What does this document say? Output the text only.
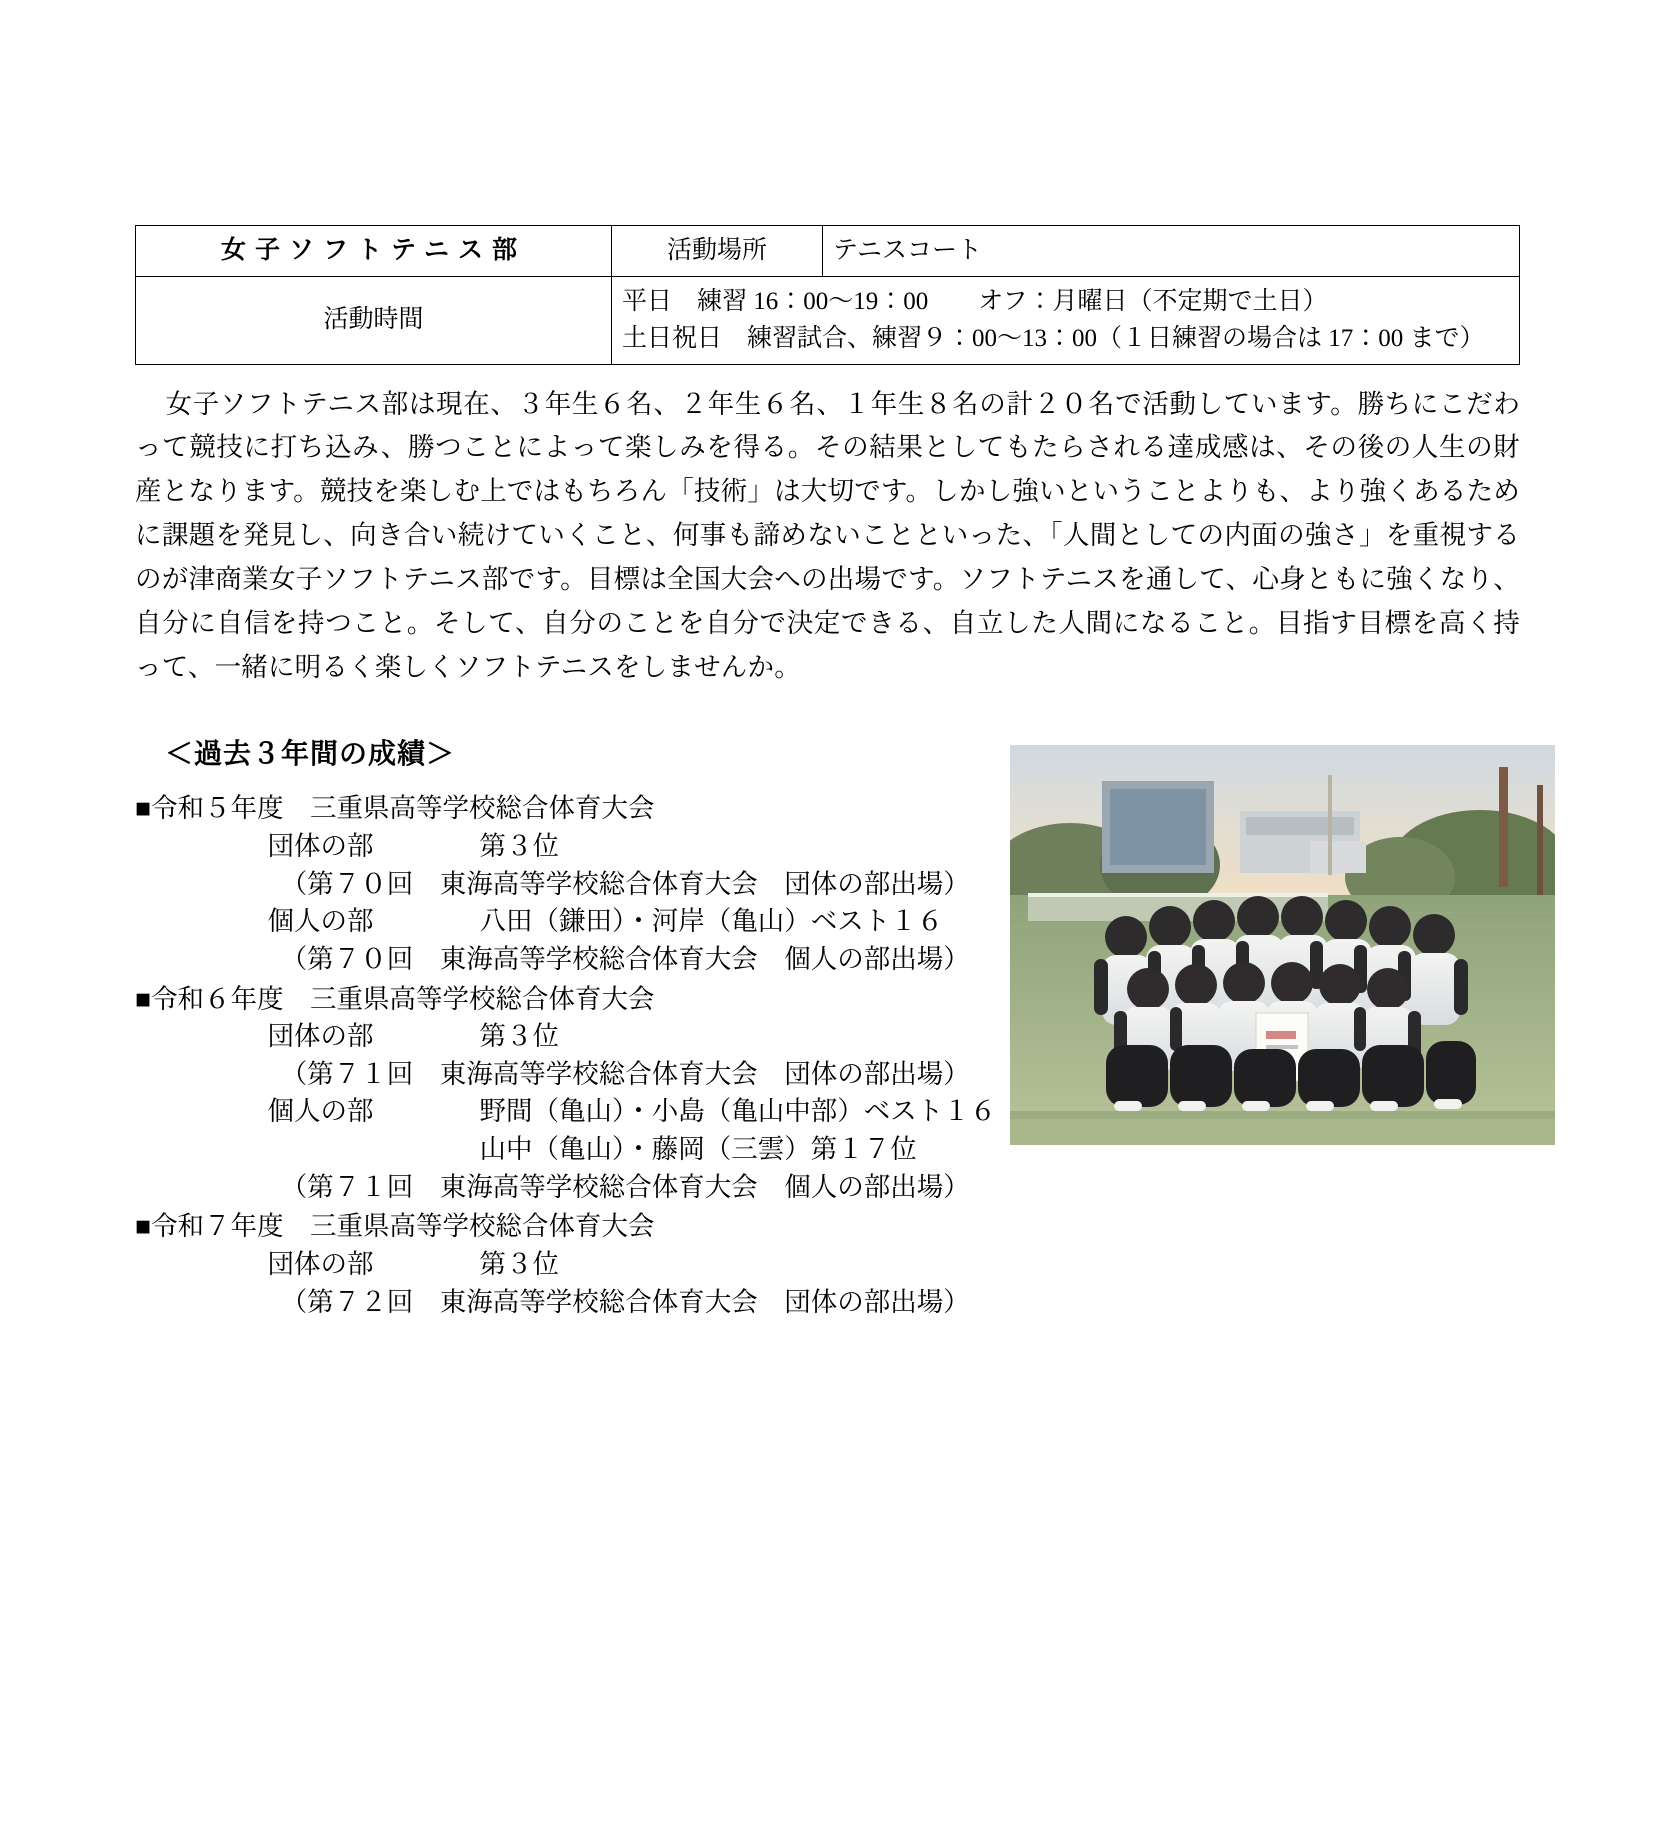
女子ソフトテニス部	活動場所	テニスコート
活動時間	平日　練習 16：00〜19：00　　オフ：月曜日（不定期で土日）
土日祝日　練習試合、練習９：00〜13：00（１日練習の場合は 17：00 まで）	

女子ソフトテニス部は現在、３年生６名、２年生６名、１年生８名の計２０名で活動しています。勝ちにこだわって競技に打ち込み、勝つことによって楽しみを得る。その結果としてもたらされる達成感は、その後の人生の財産となります。競技を楽しむ上ではもちろん「技術」は大切です。しかし強いということよりも、より強くあるために課題を発見し、向き合い続けていくこと、何事も諦めないことといった、「人間としての内面の強さ」を重視するのが津商業女子ソフトテニス部です。目標は全国大会への出場です。ソフトテニスを通して、心身ともに強くなり、自分に自信を持つこと。そして、自分のことを自分で決定できる、自立した人間になること。目指す目標を高く持って、一緒に明るく楽しくソフトテニスをしませんか。

＜過去３年間の成績＞
■令和５年度　三重県高等学校総合体育大会
　　　　　団体の部　　　　第３位
　　　　　　（第７０回　東海高等学校総合体育大会　団体の部出場）
　　　　　個人の部　　　　八田（鎌田）・河岸（亀山）ベスト１６
　　　　　　（第７０回　東海高等学校総合体育大会　個人の部出場）
■令和６年度　三重県高等学校総合体育大会
　　　　　団体の部　　　　第３位
　　　　　　（第７１回　東海高等学校総合体育大会　団体の部出場）
　　　　　個人の部　　　　野間（亀山）・小島（亀山中部）ベスト１６
　　　　　　　　　　　　　山中（亀山）・藤岡（三雲）第１７位
　　　　　　（第７１回　東海高等学校総合体育大会　個人の部出場）
■令和７年度　三重県高等学校総合体育大会
　　　　　団体の部　　　　第３位
　　　　　　（第７２回　東海高等学校総合体育大会　団体の部出場）
